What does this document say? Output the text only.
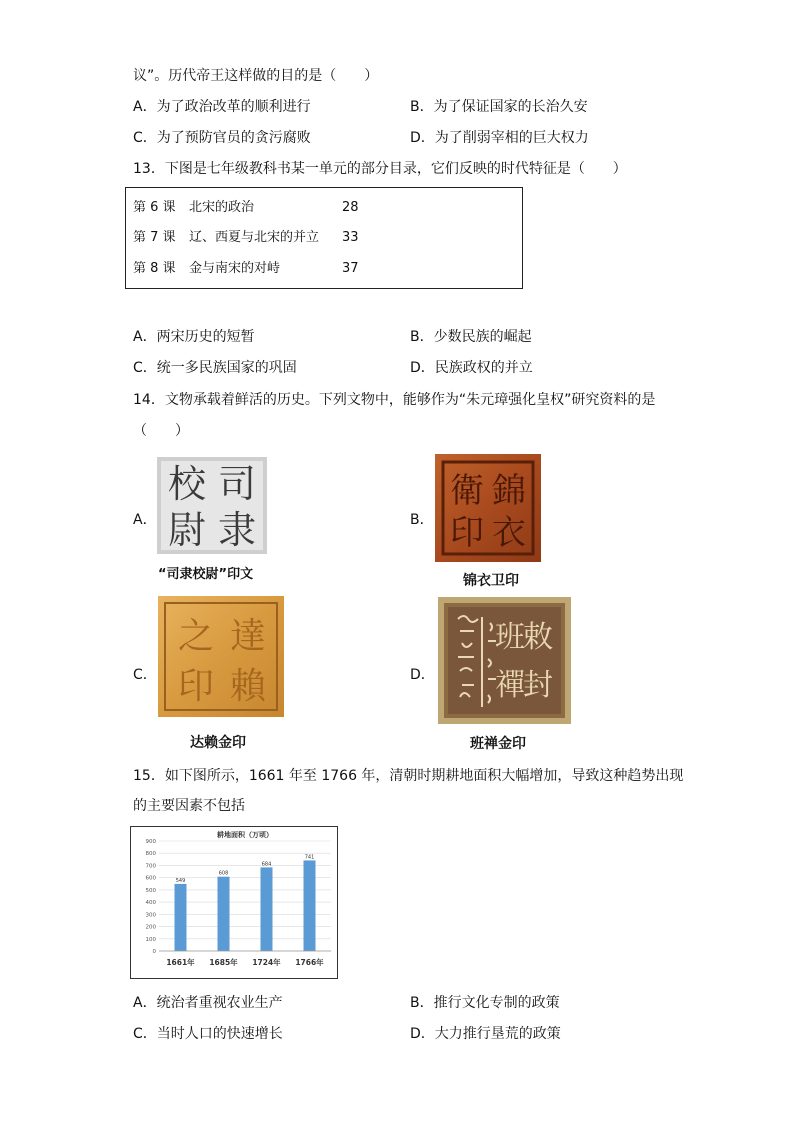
议”。历代帝王这样做的目的是（　　）
A．为了政治改革的顺利进行	B．为了保证国家的长治久安
C．为了预防官员的贪污腐败	D．为了削弱宰相的巨大权力
13．下图是七年级教科书某一单元的部分目录，它们反映的时代特征是（　　）
第 6 课 北宋的政治	28
第 7 课 辽、西夏与北宋的并立 33
第 8 课 金与南宋的对峙	37
A．两宋历史的短暂	B．少数民族的崛起
C．统一多民族国家的巩固	D．民族政权的并立
14．文物承载着鲜活的历史。下列文物中，能够作为“朱元璋强化皇权”研究资料的是
（　　）
A．
司
隶
校
尉
“司隶校尉”印文
B．
錦
衣
衛
印
锦衣卫印
C．
達
賴
之
印
达赖金印
D．
敕
封
班
禪
班禅金印
15．如下图所示，1661 年至 1766 年，清朝时期耕地面积大幅增加，导致这种趋势出现
的主要因素不包括
耕地面积（万顷）
0
100
200
300
400
500
600
700
800
900
549
1661年
608
1685年
684
1724年
741
1766年
A．统治者重视农业生产	B．推行文化专制的政策
C．当时人口的快速增长	D．大力推行垦荒的政策
